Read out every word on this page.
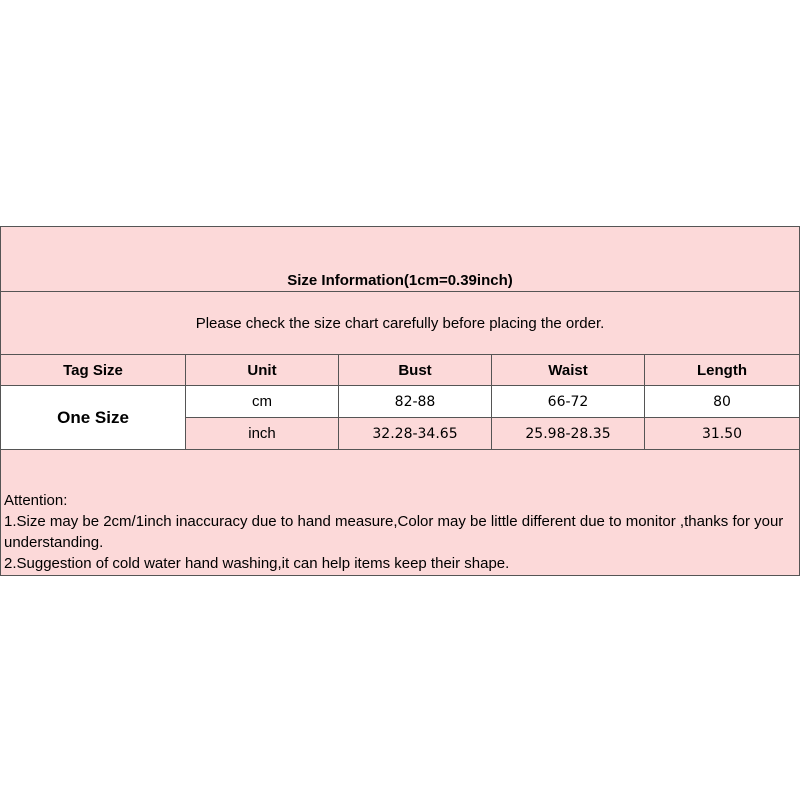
Size Information(1cm=0.39inch)				
Please check the size chart carefully before placing the order.				
Tag Size	Unit	Bust	Waist	Length
One Size	cm	82-88	66-72	80
	inch	32.28-34.65	25.98-28.35	31.50

Attention:
1.Size may be 2cm/1inch inaccuracy due to hand measure,Color may be little different due to monitor ,thanks for your understanding.
2.Suggestion of cold water hand washing,it can help items keep their shape.				
